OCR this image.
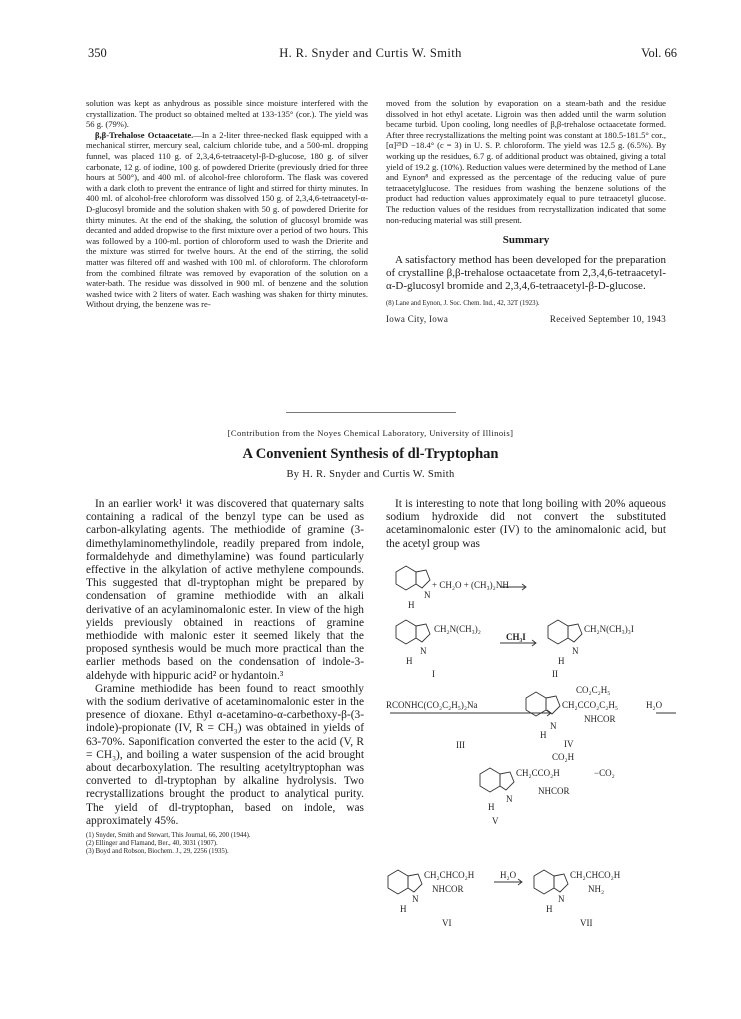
350	H. R. Snyder and Curtis W. Smith	Vol. 66

solution was kept as anhydrous as possible since moisture interfered with the crystallization. The product so obtained melted at 133-135° (cor.). The yield was 56 g. (79%).

β,β-Trehalose Octaacetate.—In a 2-liter three-necked flask equipped with a mechanical stirrer, mercury seal, calcium chloride tube, and a 500-ml. dropping funnel, was placed 110 g. of 2,3,4,6-tetraacetyl-β-D-glucose, 180 g. of silver carbonate, 12 g. of iodine, 100 g. of powdered Drierite (previously dried for three hours at 500°), and 400 ml. of alcohol-free chloroform. The flask was covered with a dark cloth to prevent the entrance of light and stirred for thirty minutes. In 400 ml. of alcohol-free chloroform was dissolved 150 g. of 2,3,4,6-tetraacetyl-α-D-glucosyl bromide and the solution shaken with 50 g. of powdered Drierite for thirty minutes. At the end of the shaking, the solution of glucosyl bromide was decanted and added dropwise to the first mixture over a period of two hours. This was followed by a 100-ml. portion of chloroform used to wash the Drierite and the mixture was stirred for twelve hours. At the end of the stirring, the solid matter was filtered off and washed with 100 ml. of chloroform. The chloroform from the combined filtrate was removed by evaporation of the solution on a water-bath. The residue was dissolved in 900 ml. of benzene and the solution washed twice with 2 liters of water. Each washing was shaken for thirty minutes. Without drying, the benzene was re-

moved from the solution by evaporation on a steam-bath and the residue dissolved in hot ethyl acetate. Ligroin was then added until the warm solution became turbid. Upon cooling, long needles of β,β-trehalose octaacetate formed. After three recrystallizations the melting point was constant at 180.5-181.5° cor., [α]²⁵D −18.4° (c = 3) in U. S. P. chloroform. The yield was 12.5 g. (6.5%). By working up the residues, 6.7 g. of additional product was obtained, giving a total yield of 19.2 g. (10%). Reduction values were determined by the method of Lane and Eynon⁸ and expressed as the percentage of the reducing value of pure tetraacetylglucose. The residues from washing the benzene solutions of the product had reduction values approximately equal to pure tetraacetyl glucose. The reduction values of the residues from recrystallization indicated that some non-reducing material was still present.

Summary

A satisfactory method has been developed for the preparation of crystalline β,β-trehalose octaacetate from 2,3,4,6-tetraacetyl-α-D-glucosyl bromide and 2,3,4,6-tetraacetyl-β-D-glucose.

(8) Lane and Eynon, J. Soc. Chem. Ind., 42, 32T (1923).

Iowa City, Iowa	Received September 10, 1943
[Contribution from the Noyes Chemical Laboratory, University of Illinois]
A Convenient Synthesis of dl-Tryptophan
By H. R. Snyder and Curtis W. Smith

In an earlier work¹ it was discovered that quaternary salts containing a radical of the benzyl type can be used as carbon-alkylating agents. The methiodide of gramine (3-dimethylaminomethylindole, readily prepared from indole, formaldehyde and dimethylamine) was found particularly effective in the alkylation of active methylene compounds. This suggested that dl-tryptophan might be prepared by condensation of gramine methiodide with an alkali derivative of an acylaminomalonic ester. In view of the high yields previously obtained in reactions of gramine methiodide with malonic ester it seemed likely that the proposed synthesis would be much more practical than the earlier methods based on the condensation of indole-3-aldehyde with hippuric acid² or hydantoin.³

Gramine methiodide has been found to react smoothly with the sodium derivative of acetaminomalonic ester in the presence of dioxane. Ethyl α-acetamino-α-carbethoxy-β-(3-indole)-propionate (IV, R = CH₃) was obtained in yields of 63-70%. Saponification converted the ester to the acid (V, R = CH₃), and boiling a water suspension of the acid brought about decarboxylation. The resulting acetyltryptophan was converted to dl-tryptophan by alkaline hydrolysis. Two recrystallizations brought the product to analytical purity. The yield of dl-tryptophan, based on indole, was approximately 45%.

(1) Snyder, Smith and Stewart, This Journal, 66, 200 (1944).

(2) Ellinger and Flamand, Ber., 40, 3031 (1907).

(3) Boyd and Robson, Biochem. J., 29, 2256 (1935).

It is interesting to note that long boiling with 20% aqueous sodium hydroxide did not convert the substituted acetaminomalonic ester (IV) to the aminomalonic acid, but the acetyl group was

+ CH₂O + (CH₃)₂NH
N
H
CH₂N(CH₃)₂
CH₃I
CH₂N(CH₃)₃I
N
H
N
H
I	II
CO₂C₂H₅
RCONHC(CO₂C₂H₅)₂Na	CH₂CCO₂C₂H₅	H₂O
NHCOR
N
H
III	IV
CO₂H
CH₂CCO₂H	−CO₂
NHCOR
N
H
V
CH₂CHCO₂H	H₂O
NHCOR
CH₂CHCO₂H
NH₂
N
H
N
H
VI	VII
